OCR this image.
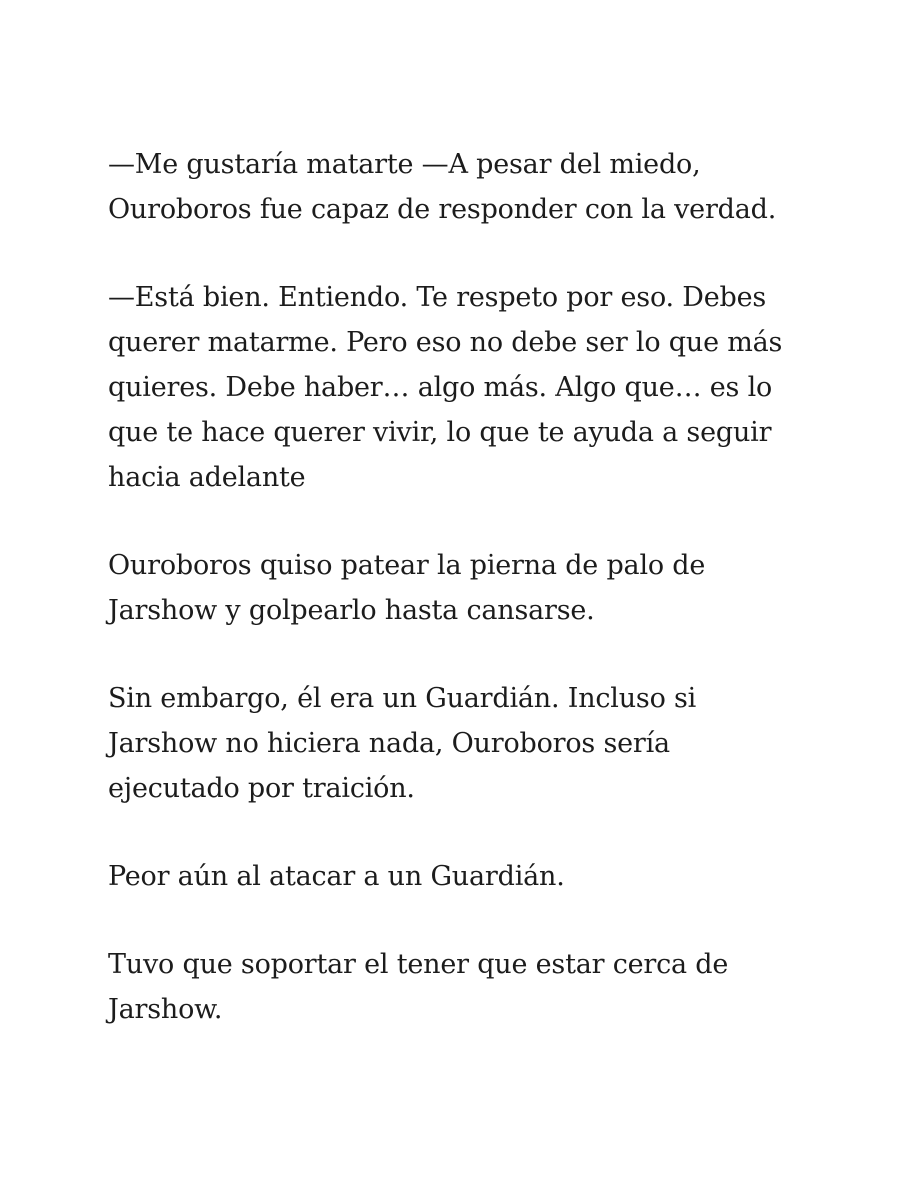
—Me gustaría matarte —A pesar del miedo, Ouroboros fue capaz de responder con la verdad.

—Está bien. Entiendo. Te respeto por eso. Debes querer matarme. Pero eso no debe ser lo que más quieres. Debe haber… algo más. Algo que… es lo que te hace querer vivir, lo que te ayuda a seguir hacia adelante

Ouroboros quiso patear la pierna de palo de Jarshow y golpearlo hasta cansarse.

Sin embargo, él era un Guardián. Incluso si Jarshow no hiciera nada, Ouroboros sería ejecutado por traición.

Peor aún al atacar a un Guardián.

Tuvo que soportar el tener que estar cerca de Jarshow.
